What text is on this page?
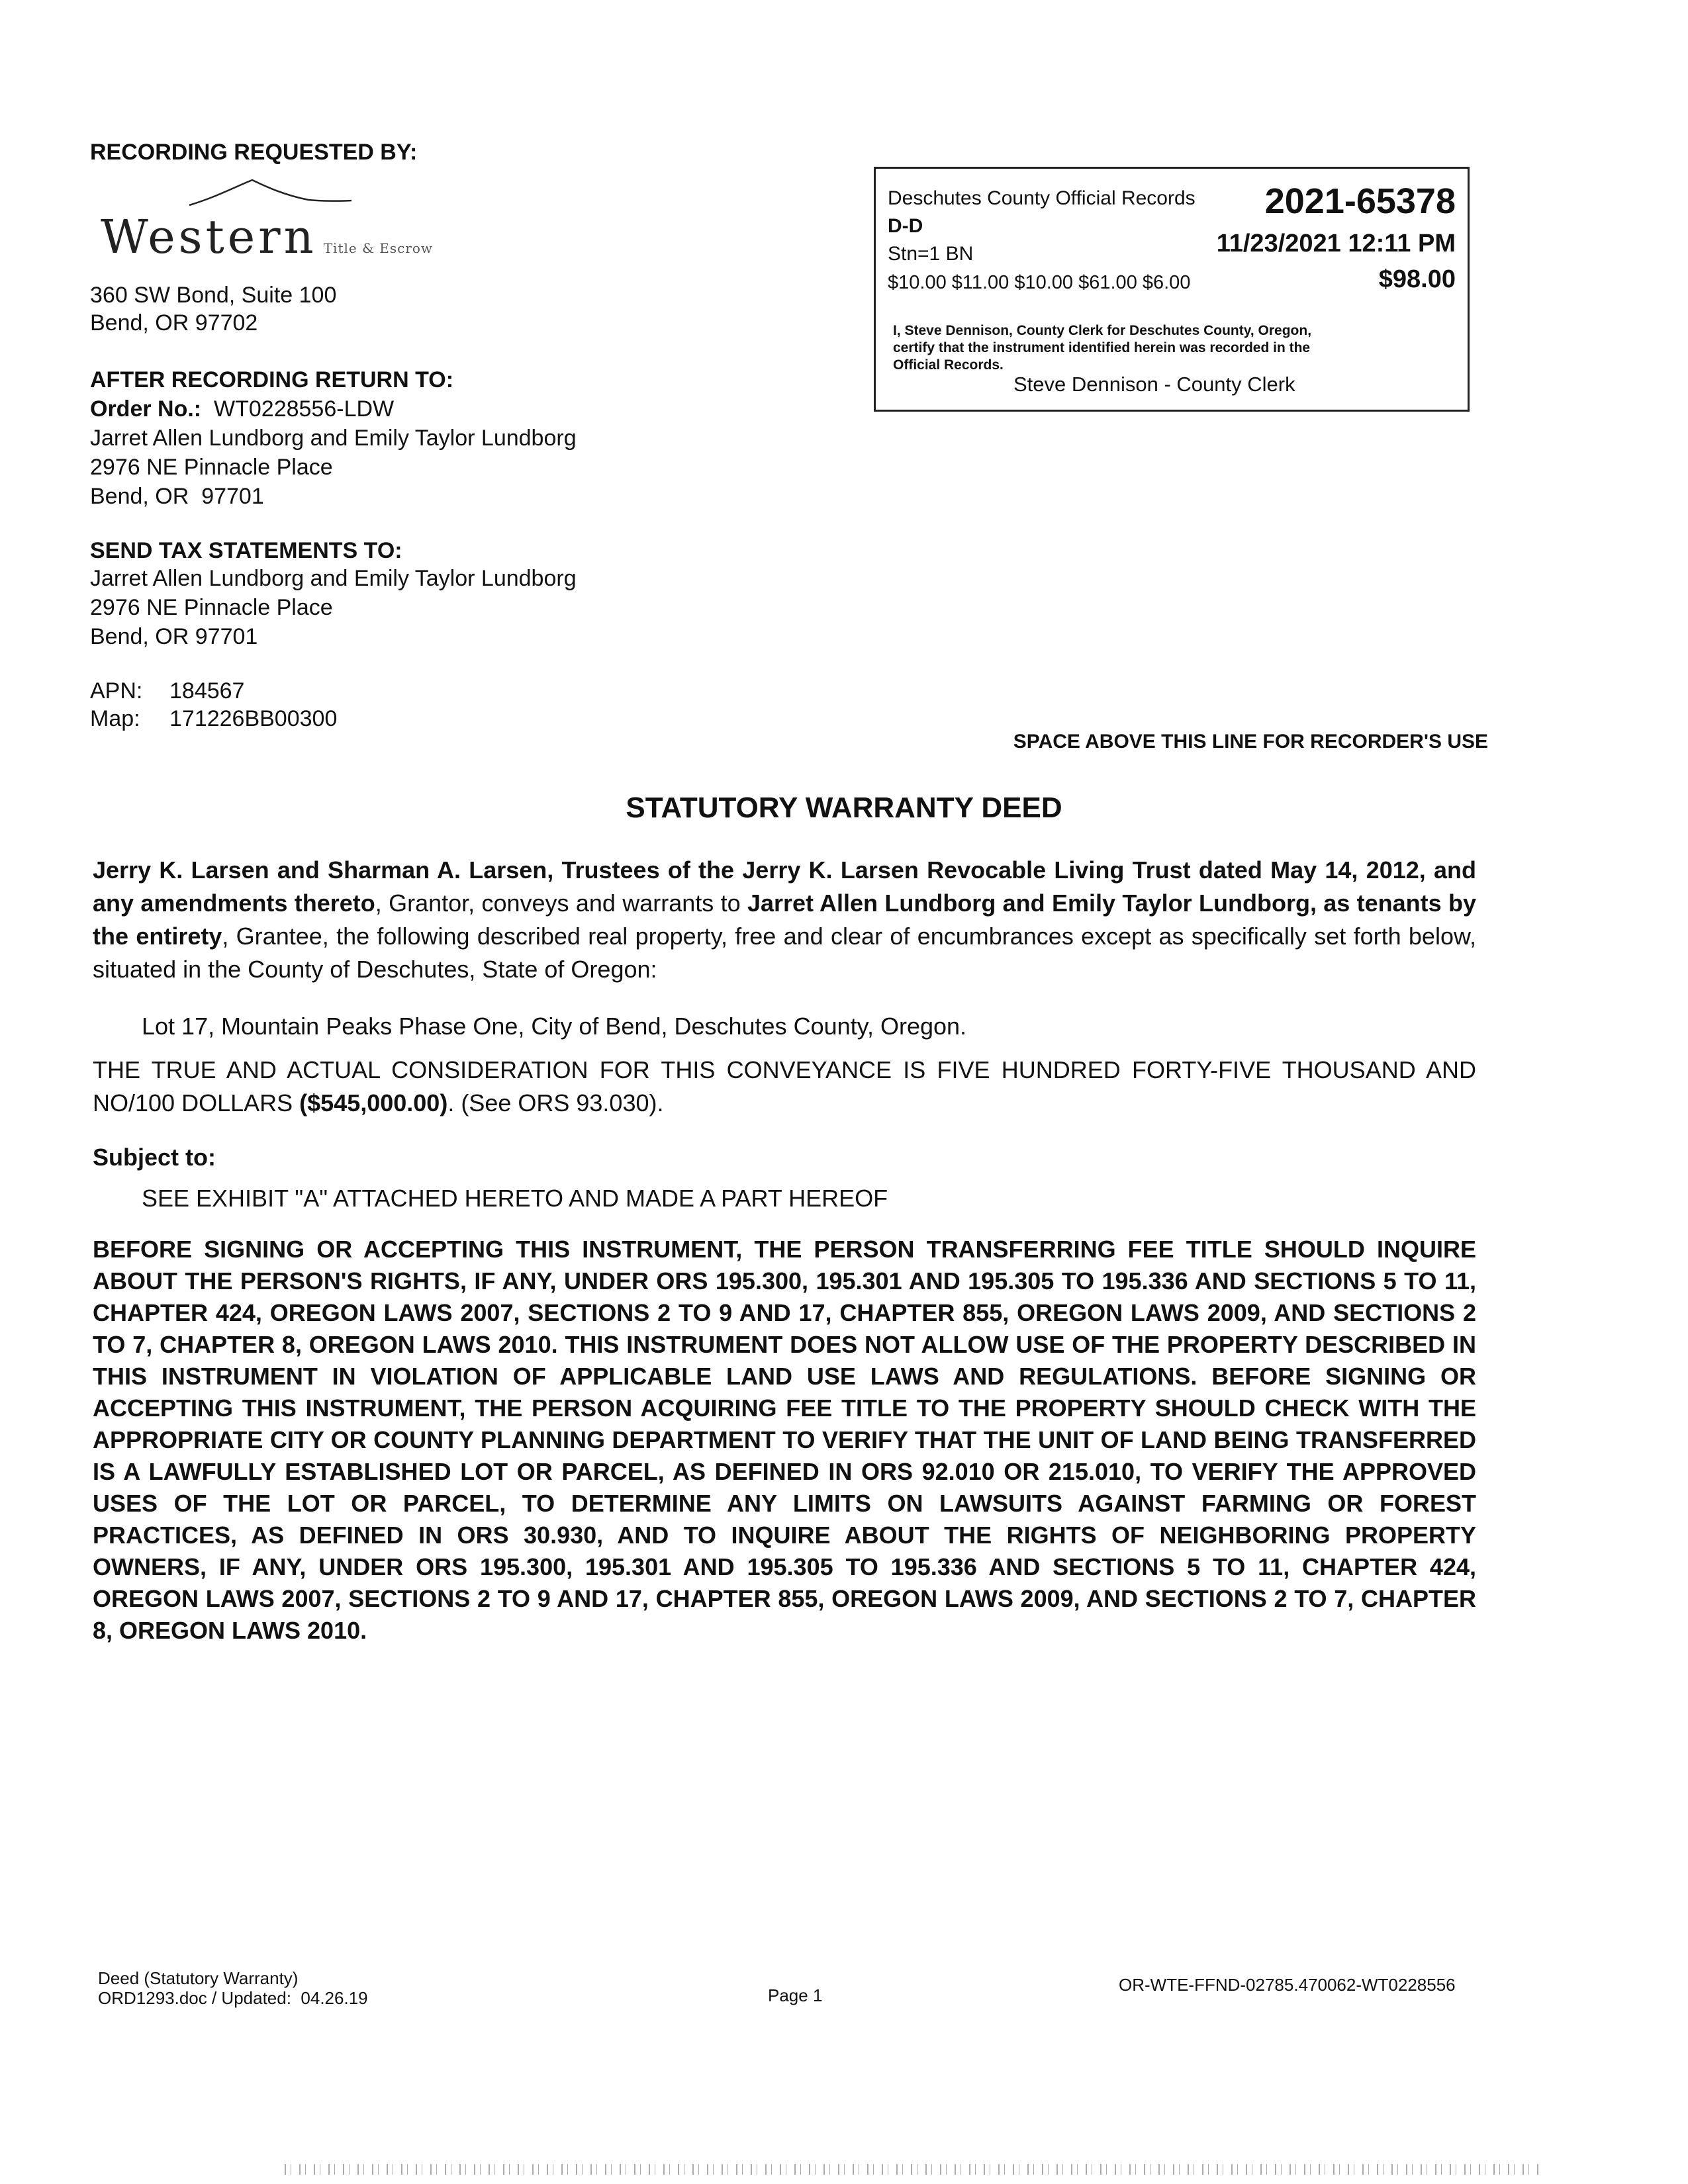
RECORDING REQUESTED BY:
Western Title & Escrow
360 SW Bond, Suite 100
Bend, OR 97702
AFTER RECORDING RETURN TO:
Order No.: WT0228556-LDW
Jarret Allen Lundborg and Emily Taylor Lundborg
2976 NE Pinnacle Place
Bend, OR  97701
SEND TAX STATEMENTS TO:
Jarret Allen Lundborg and Emily Taylor Lundborg
2976 NE Pinnacle Place
Bend, OR 97701
APN: 184567
Map: 171226BB00300
Deschutes County Official Records 2021-65378
D-D
Stn=1 BN	11/23/2021 12:11 PM
$10.00 $11.00 $10.00 $61.00 $6.00	$98.00
I, Steve Dennison, County Clerk for Deschutes County, Oregon,
certify that the instrument identified herein was recorded in the
Official Records.
Steve Dennison - County Clerk
SPACE ABOVE THIS LINE FOR RECORDER'S USE
STATUTORY WARRANTY DEED
Jerry K. Larsen and Sharman A. Larsen, Trustees of the Jerry K. Larsen Revocable Living Trust dated May 14, 2012, and any amendments thereto, Grantor, conveys and warrants to Jarret Allen Lundborg and Emily Taylor Lundborg, as tenants by the entirety, Grantee, the following described real property, free and clear of encumbrances except as specifically set forth below, situated in the County of Deschutes, State of Oregon:
Lot 17, Mountain Peaks Phase One, City of Bend, Deschutes County, Oregon.
THE TRUE AND ACTUAL CONSIDERATION FOR THIS CONVEYANCE IS FIVE HUNDRED FORTY-FIVE THOUSAND AND NO/100 DOLLARS ($545,000.00). (See ORS 93.030).
Subject to:
SEE EXHIBIT "A" ATTACHED HERETO AND MADE A PART HEREOF
BEFORE SIGNING OR ACCEPTING THIS INSTRUMENT, THE PERSON TRANSFERRING FEE TITLE SHOULD INQUIRE ABOUT THE PERSON'S RIGHTS, IF ANY, UNDER ORS 195.300, 195.301 AND 195.305 TO 195.336 AND SECTIONS 5 TO 11, CHAPTER 424, OREGON LAWS 2007, SECTIONS 2 TO 9 AND 17, CHAPTER 855, OREGON LAWS 2009, AND SECTIONS 2 TO 7, CHAPTER 8, OREGON LAWS 2010. THIS INSTRUMENT DOES NOT ALLOW USE OF THE PROPERTY DESCRIBED IN THIS INSTRUMENT IN VIOLATION OF APPLICABLE LAND USE LAWS AND REGULATIONS. BEFORE SIGNING OR ACCEPTING THIS INSTRUMENT, THE PERSON ACQUIRING FEE TITLE TO THE PROPERTY SHOULD CHECK WITH THE APPROPRIATE CITY OR COUNTY PLANNING DEPARTMENT TO VERIFY THAT THE UNIT OF LAND BEING TRANSFERRED IS A LAWFULLY ESTABLISHED LOT OR PARCEL, AS DEFINED IN ORS 92.010 OR 215.010, TO VERIFY THE APPROVED USES OF THE LOT OR PARCEL, TO DETERMINE ANY LIMITS ON LAWSUITS AGAINST FARMING OR FOREST PRACTICES, AS DEFINED IN ORS 30.930, AND TO INQUIRE ABOUT THE RIGHTS OF NEIGHBORING PROPERTY OWNERS, IF ANY, UNDER ORS 195.300, 195.301 AND 195.305 TO 195.336 AND SECTIONS 5 TO 11, CHAPTER 424, OREGON LAWS 2007, SECTIONS 2 TO 9 AND 17, CHAPTER 855, OREGON LAWS 2009, AND SECTIONS 2 TO 7, CHAPTER 8, OREGON LAWS 2010.
Deed (Statutory Warranty)
ORD1293.doc / Updated:  04.26.19	Page 1
OR-WTE-FFND-02785.470062-WT0228556
